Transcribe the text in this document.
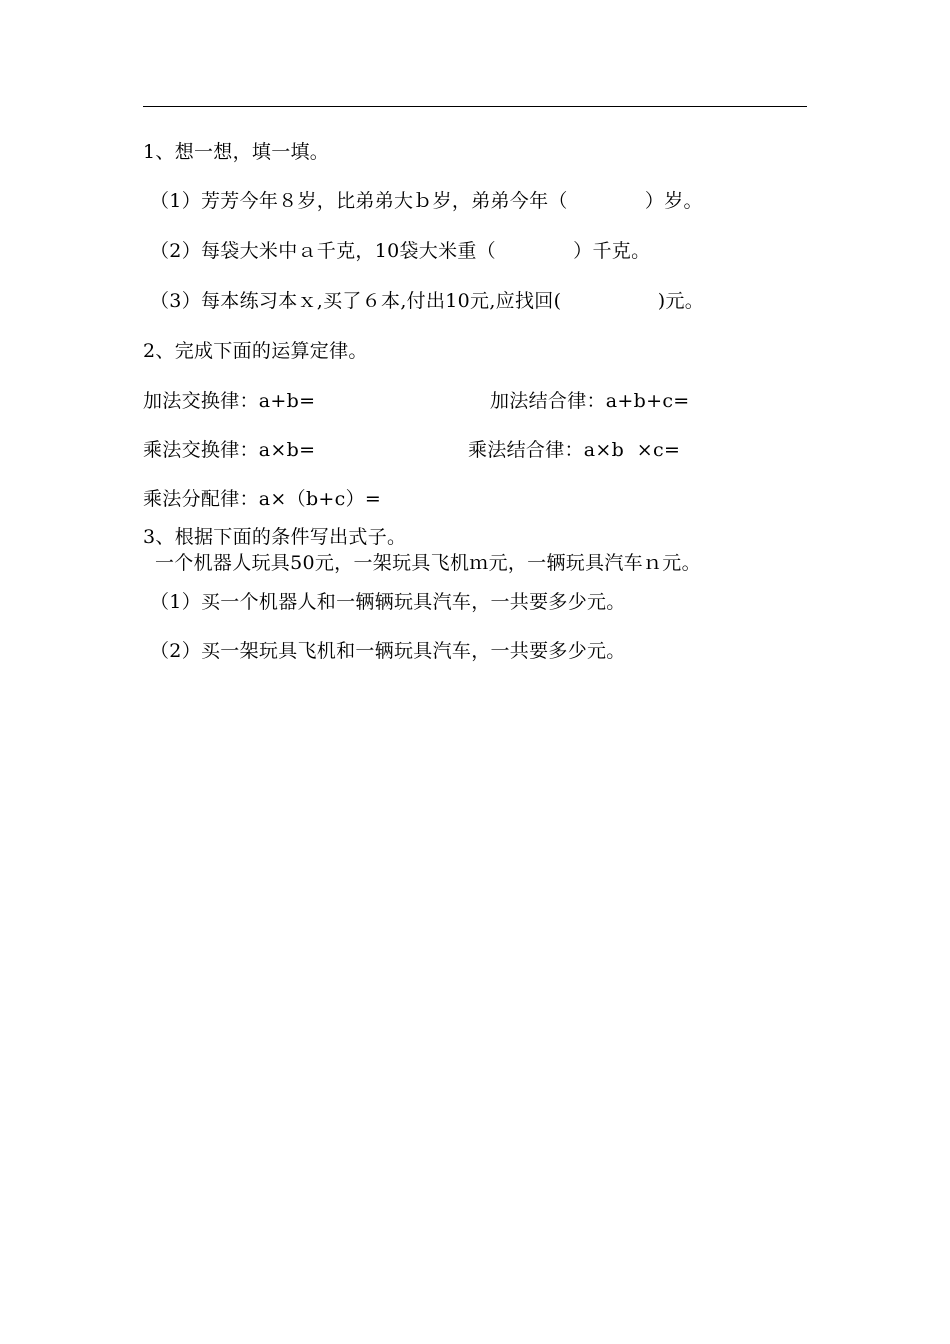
1、想一想，填一填。
（1）芳芳今年８岁，比弟弟大ｂ岁，弟弟今年（　　　　）岁。
（2）每袋大米中ａ千克，10袋大米重（　　　　）千克。
（3）每本练习本ｘ,买了６本,付出10元,应找回(　　　　　)元。
2、完成下面的运算定律。
加法交换律：a+b=	加法结合律：a+b+c=
乘法交换律：a×b=	乘法结合律：a×b  ×c=
乘法分配律：a×（b+c）=
3、根据下面的条件写出式子。
一个机器人玩具50元，一架玩具飞机ｍ元，一辆玩具汽车ｎ元。
（1）买一个机器人和一辆辆玩具汽车，一共要多少元。
（2）买一架玩具飞机和一辆玩具汽车，一共要多少元。
